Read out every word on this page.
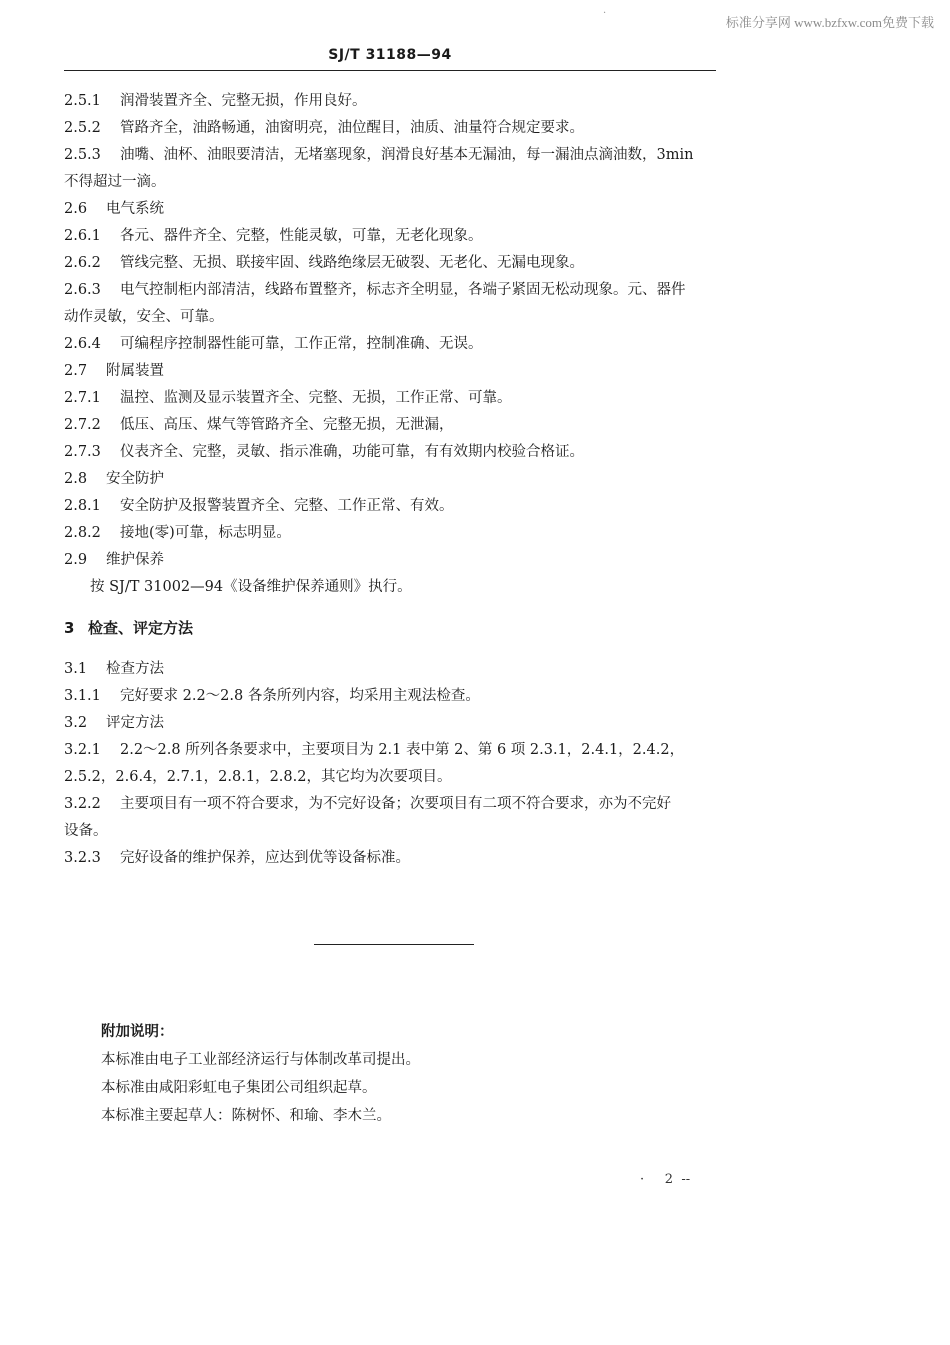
·
标准分享网 www.bzfxw.com免费下载
SJ/T 31188—94

2.5.1 润滑装置齐全、完整无损，作用良好。

2.5.2 管路齐全，油路畅通，油窗明亮，油位醒目，油质、油量符合规定要求。

2.5.3 油嘴、油杯、油眼要清洁，无堵塞现象，润滑良好基本无漏油，每一漏油点滴油数，3min

不得超过一滴。

2.6 电气系统

2.6.1 各元、器件齐全、完整，性能灵敏，可靠，无老化现象。

2.6.2 管线完整、无损、联接牢固、线路绝缘层无破裂、无老化、无漏电现象。

2.6.3 电气控制柜内部清洁，线路布置整齐，标志齐全明显，各端子紧固无松动现象。元、器件

动作灵敏，安全、可靠。

2.6.4 可编程序控制器性能可靠，工作正常，控制准确、无误。

2.7 附属装置

2.7.1 温控、监测及显示装置齐全、完整、无损，工作正常、可靠。

2.7.2 低压、高压、煤气等管路齐全、完整无损，无泄漏，

2.7.3 仪表齐全、完整，灵敏、指示准确，功能可靠，有有效期内校验合格证。

2.8 安全防护

2.8.1 安全防护及报警装置齐全、完整、工作正常、有效。

2.8.2 接地(零)可靠，标志明显。

2.9 维护保养

按 SJ/T 31002—94《设备维护保养通则》执行。

3 检查、评定方法

3.1 检查方法

3.1.1 完好要求 2.2～2.8 各条所列内容，均采用主观法检查。

3.2 评定方法

3.2.1 2.2～2.8 所列各条要求中，主要项目为 2.1 表中第 2、第 6 项 2.3.1，2.4.1，2.4.2，

2.5.2，2.6.4，2.7.1，2.8.1，2.8.2，其它均为次要项目。

3.2.2 主要项目有一项不符合要求，为不完好设备；次要项目有二项不符合要求，亦为不完好

设备。

3.2.3 完好设备的维护保养，应达到优等设备标准。

附加说明：

本标准由电子工业部经济运行与体制改革司提出。

本标准由咸阳彩虹电子集团公司组织起草。

本标准主要起草人：陈树怀、和瑜、李木兰。

·     2  --
